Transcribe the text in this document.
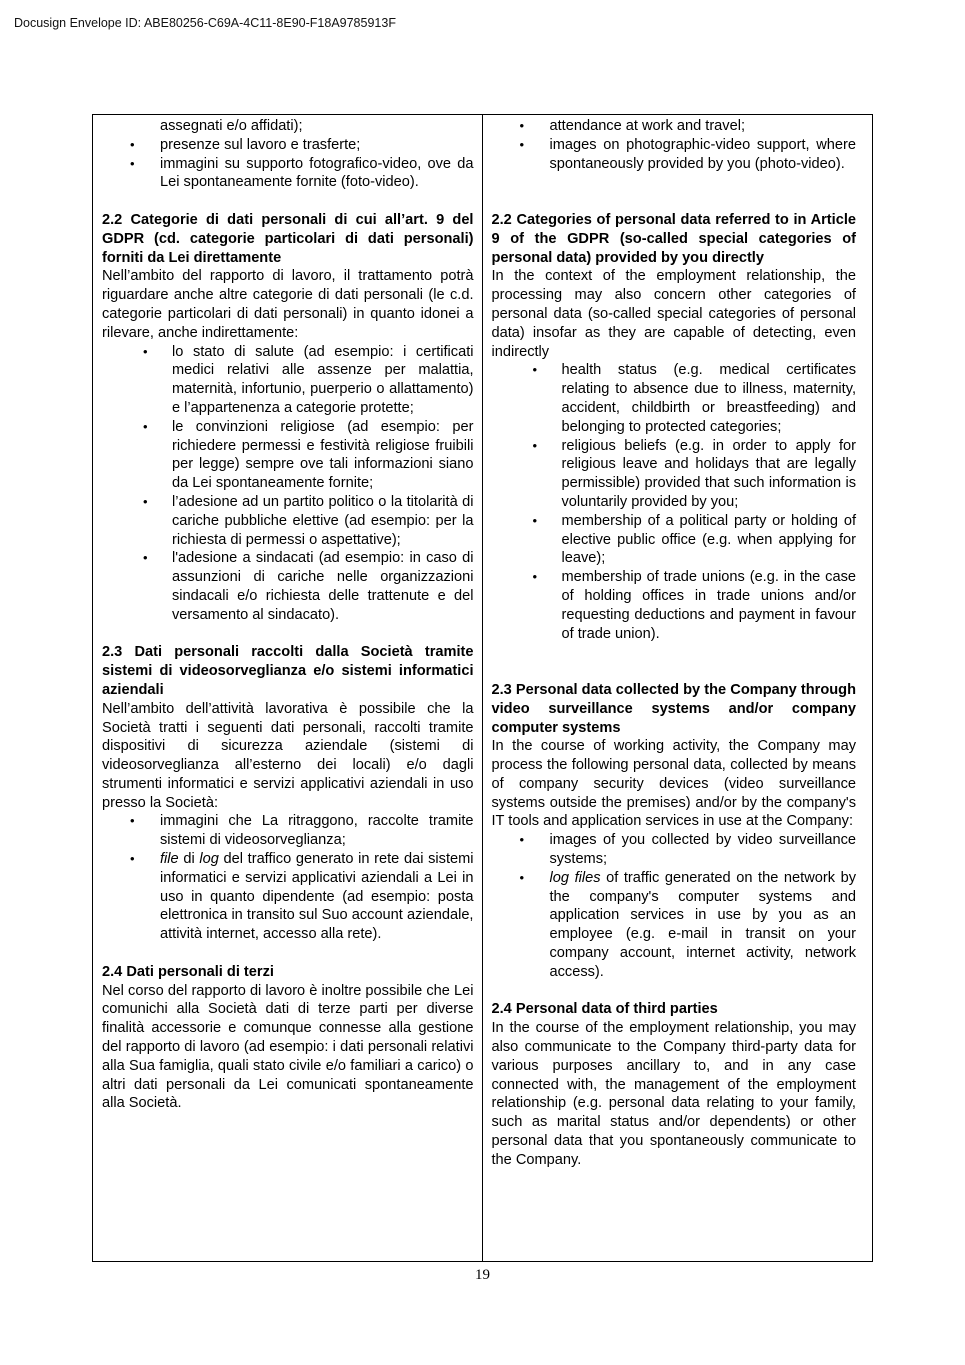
Docusign Envelope ID: ABE80256-C69A-4C11-8E90-F18A9785913F
assegnati e/o affidati);
• presenze sul lavoro e trasferte;
• immagini su supporto fotografico-video, ove da Lei spontaneamente fornite (foto-video).

2.2 Categorie di dati personali di cui all’art. 9 del GDPR (cd. categorie particolari di dati personali) forniti da Lei direttamente

Nell’ambito del rapporto di lavoro, il trattamento potrà riguardare anche altre categorie di dati personali (le c.d. categorie particolari di dati personali) in quanto idonei a rilevare, anche indirettamente:

• lo stato di salute (ad esempio: i certificati medici relativi alle assenze per malattia, maternità, infortunio, puerperio o allattamento) e l’appartenenza a categorie protette;
• le convinzioni religiose (ad esempio: per richiedere permessi e festività religiose fruibili per legge) sempre ove tali informazioni siano da Lei spontaneamente fornite;
• l’adesione ad un partito politico o la titolarità di cariche pubbliche elettive (ad esempio: per la richiesta di permessi o aspettative);
• l'adesione a sindacati (ad esempio: in caso di assunzioni di cariche nelle organizzazioni sindacali e/o richiesta delle trattenute e del versamento al sindacato).

2.3 Dati personali raccolti dalla Società tramite sistemi di videosorveglianza e/o sistemi informatici aziendali

Nell’ambito dell’attività lavorativa è possibile che la Società tratti i seguenti dati personali, raccolti tramite dispositivi di sicurezza aziendale (sistemi di videosorveglianza all’esterno dei locali) e/o dagli strumenti informatici e servizi applicativi aziendali in uso presso la Società:

• immagini che La ritraggono, raccolte tramite sistemi di videosorveglianza;
• file di log del traffico generato in rete dai sistemi informatici e servizi applicativi aziendali a Lei in uso in quanto dipendente (ad esempio: posta elettronica in transito sul Suo account aziendale, attività internet, accesso alla rete).

2.4 Dati personali di terzi

Nel corso del rapporto di lavoro è inoltre possibile che Lei comunichi alla Società dati di terze parti per diverse finalità accessorie e comunque connesse alla gestione del rapporto di lavoro (ad esempio: i dati personali relativi alla Sua famiglia, quali stato civile e/o familiari a carico) o altri dati personali da Lei comunicati spontaneamente alla Società.

• attendance at work and travel;
• images on photographic-video support, where spontaneously provided by you (photo-video).

2.2 Categories of personal data referred to in Article 9 of the GDPR (so-called special categories of personal data) provided by you directly

In the context of the employment relationship, the processing may also concern other categories of personal data (so-called special categories of personal data) insofar as they are capable of detecting, even indirectly

• health status (e.g. medical certificates relating to absence due to illness, maternity, accident, childbirth or breastfeeding) and belonging to protected categories;
• religious beliefs (e.g. in order to apply for religious leave and holidays that are legally permissible) provided that such information is voluntarily provided by you;
• membership of a political party or holding of elective public office (e.g. when applying for leave);
• membership of trade unions (e.g. in the case of holding offices in trade unions and/or requesting deductions and payment in favour of trade union).

2.3 Personal data collected by the Company through video surveillance systems and/or company computer systems

In the course of working activity, the Company may process the following personal data, collected by means of company security devices (video surveillance systems outside the premises) and/or by the company's IT tools and application services in use at the Company:

• images of you collected by video surveillance systems;
• log files of traffic generated on the network by the company's computer systems and application services in use by you as an employee (e.g. e-mail in transit on your company account, internet activity, network access).

2.4 Personal data of third parties

In the course of the employment relationship, you may also communicate to the Company third-party data for various purposes ancillary to, and in any case connected with, the management of the employment relationship (e.g. personal data relating to your family, such as marital status and/or dependents) or other personal data that you spontaneously communicate to the Company.

19
